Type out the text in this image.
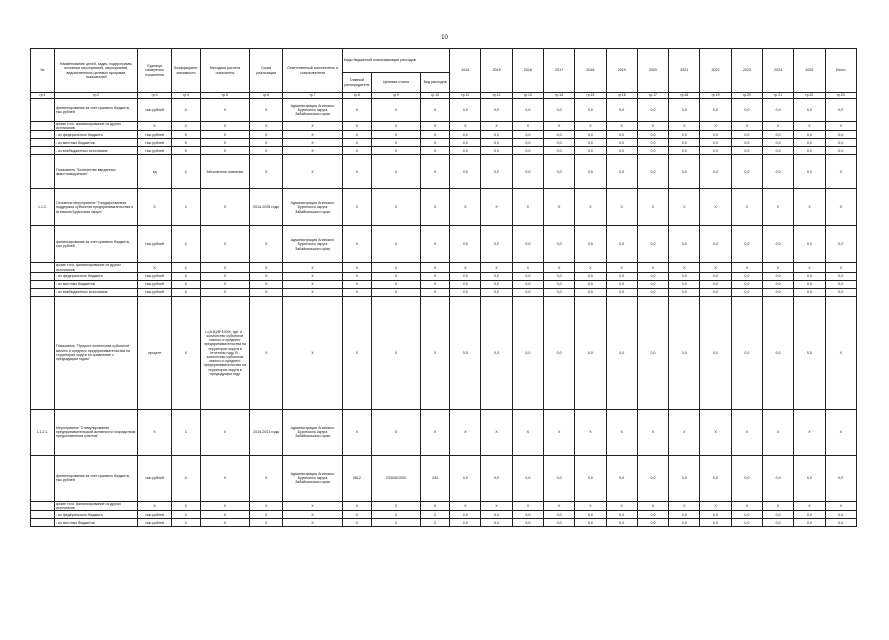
10
№	Наименование целей, задач, подпрограмм, основных мероприятий, мероприятий, ведомственных целевых программ, показателей	Единица измерения показателя	Коэффициент значимости	Методика расчета показателя	Сроки реализации	Ответственный исполнитель и соисполнители	Коды бюджетной классификации расходов			2014	2015	2016	2017	2018	2019	2020	2021	2022	2023	2024	2025	Итого
							Главный распорядитель	Целевая статья	Вид расходов													
гр.1	гр.2	гр.3	гр.4	гр.5	гр.6	гр.7	гр.8	гр.9	гр.10	гр.11	гр.12	гр.13	гр.14	гр.15	гр.16	гр.17	гр.18	гр.19	гр.20	гр.21	гр.22	гр.23
	финансирование за счет краевого бюджета, тыс.рублей	тыс.рублей	Х	Х	Х	Администрация Агинского Бурятского округа Забайкальского края	Х	Х	Х	0,0	0,0	0,0	0,0	0,0	0,0	0,0	0,0	0,0	0,0	0,0	0,0	0,0
	кроме того, финансирование из других источников	Х	Х	Х	Х	Х	Х	Х	Х	Х	Х	Х	Х	Х	Х	Х	Х	Х	Х	Х	Х	Х
	- из федерального бюджета	тыс.рублей	Х	Х	Х	Х	Х	Х	Х	0,0	0,0	0,0	0,0	0,0	0,0	0,0	0,0	0,0	0,0	0,0	0,0	0,0
	- из местных бюджетов	тыс.рублей	Х	Х	Х	Х	Х	Х	Х	0,0	0,0	0,0	0,0	0,0	0,0	0,0	0,0	0,0	0,0	0,0	0,0	0,0
	- из внебюджетных источников	тыс.рублей	Х	Х	Х	Х	Х	Х	Х	0,0	0,0	0,0	0,0	0,0	0,0	0,0	0,0	0,0	0,0	0,0	0,0	0,0
	Показатель "Количество введенных животноводческих"	ед	Х	Абсолютное значение	Х	Х	Х	Х	Х	0,0	0,0	0,0	0,0	0,0	0,0	0,0	0,0	0,0	0,0	0,0	0,0	Х
1.1.2.	Основное мероприятие "Государственная поддержка субъектов предпринимательства в Агинском Бурятском округе"	Х	1	Х	2014-2025 годы	Администрация Агинского Бурятского округа Забайкальского края	Х	Х	Х	Х	Х	Х	Х	Х	Х	Х	Х	Х	Х	Х	Х	Х
	финансирование за счет краевого бюджета, тыс.рублей	тыс.рублей	Х	Х	Х	Администрация Агинского Бурятского округа Забайкальского края	Х	Х	Х	0,0	0,0	0,0	0,0	0,0	0,0	0,0	0,0	0,0	0,0	0,0	0,0	0,0
	кроме того, финансирование из других источников	Х	Х	Х	Х	Х	Х	Х	Х	Х	Х	Х	Х	Х	Х	Х	Х	Х	Х	Х	Х	Х
	- из федерального бюджета	тыс.рублей	Х	Х	Х	Х	Х	Х	Х	0,0	0,0	0,0	0,0	0,0	0,0	0,0	0,0	0,0	0,0	0,0	0,0	0,0
	- из местных бюджетов	тыс.рублей	Х	Х	Х	Х	Х	Х	Х	0,0	0,0	0,0	0,0	0,0	0,0	0,0	0,0	0,0	0,0	0,0	0,0	0,0
	- из внебюджетных источников	тыс.рублей	Х	Х	Х	Х	Х	Х	Х	0,0	0,0	0,0	0,0	0,0	0,0	0,0	0,0	0,0	0,0	0,0	0,0	0,0
	Показатель "Прирост количества субъектов малого и среднего предпринимательства на территории округа по сравнению с предыдущим годом"	процент	Х	I=(А-В)/В*100%, где: А - количество субъектов малого и среднего предпринимательства на территории округа в отчетном году, В - количество субъектов малого и среднего предпринимательства на территории округа в предыдущем году	Х	Х	Х	Х	Х	0,0	0,0	0,0	0,0	0,0	0,0	0,0	0,0	0,0	0,0	0,0	0,0	Х
1.1.2.1.	Мероприятие "Стимулирование предпринимательской активности посредством предоставления грантов"	Х	1	Х	2014-2021 годы	Администрация Агинского Бурятского округа Забайкальского края	Х	Х	Х	Х	Х	Х	Х	Х	Х	Х	Х	Х	Х	Х	Х	Х
	финансирование за счет краевого бюджета, тыс.рублей	тыс.рублей	Х	Х	Х	Администрация Агинского Бурятского округа Забайкальского края	0812	2330401000	244	0,0	0,0	0,0	0,0	0,0	0,0	0,0	0,0	0,0	0,0	0,0	0,0	0,0
	кроме того, финансирование из других источников	Х	Х	Х	Х	Х	Х	Х	Х	Х	Х	Х	Х	Х	Х	Х	Х	Х	Х	Х	Х	Х
	- из федерального бюджета	тыс.рублей	Х	Х	Х	Х	Х	Х	Х	0,0	0,0	0,0	0,0	0,0	0,0	0,0	0,0	0,0	0,0	0,0	0,0	0,0
	- из местных бюджетов	тыс.рублей	Х	Х	Х	Х	Х	Х	Х	0,0	0,0	0,0	0,0	0,0	0,0	0,0	0,0	0,0	0,0	0,0	0,0	0,0
